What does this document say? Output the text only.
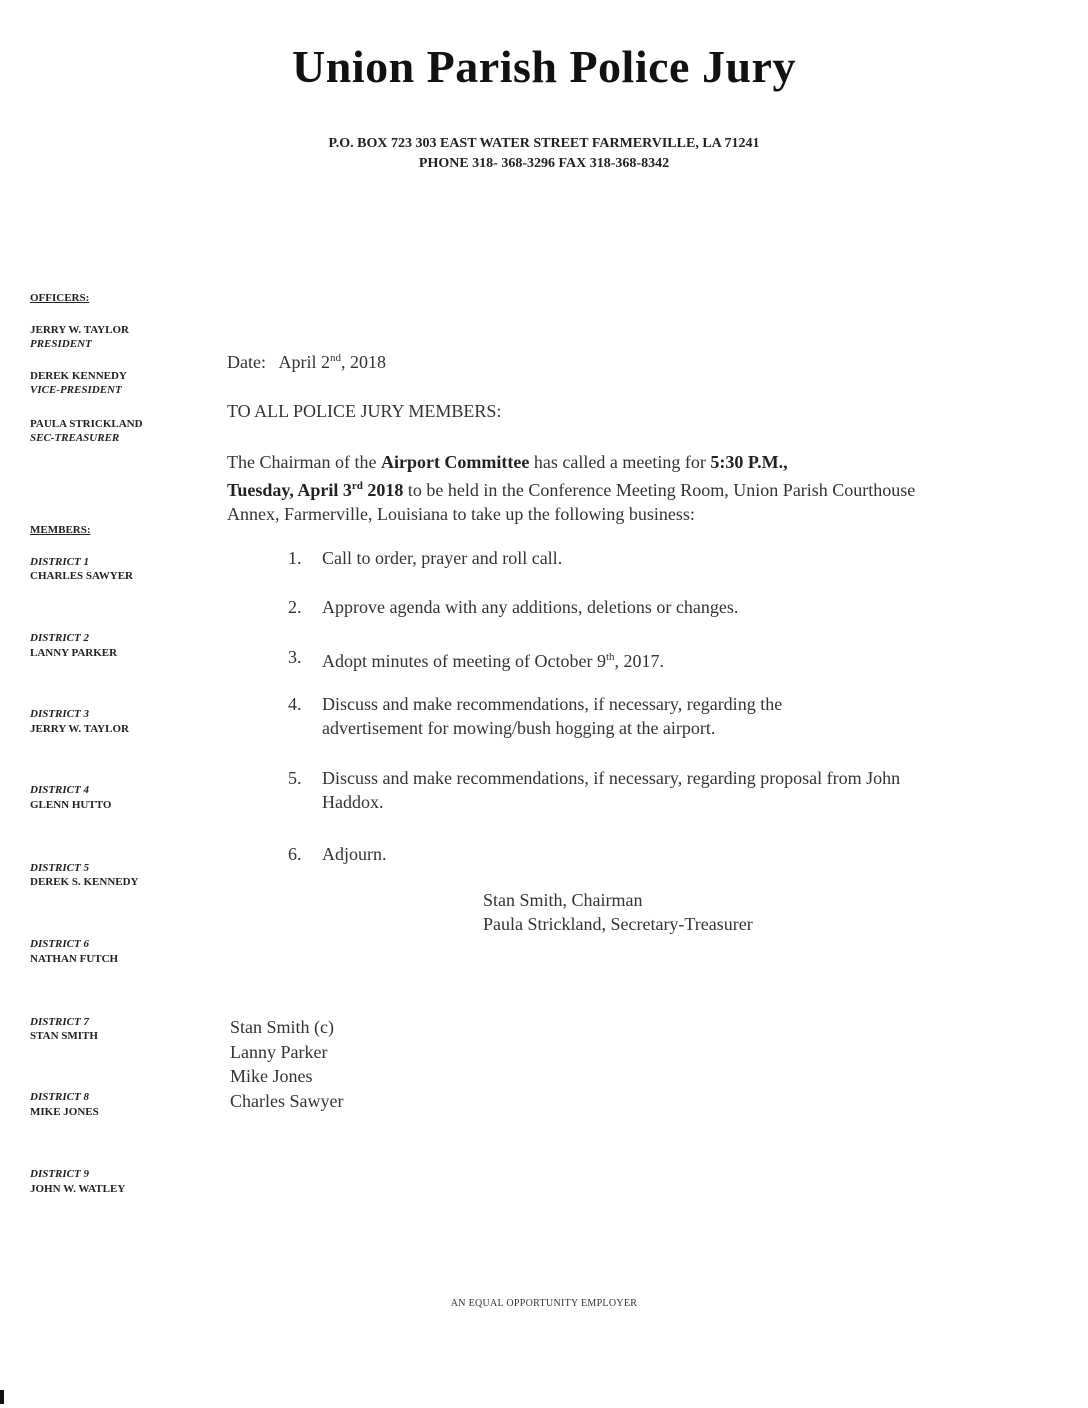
Union Parish Police Jury
P.O. BOX 723 303 EAST WATER STREET FARMERVILLE, LA 71241
PHONE 318- 368-3296 FAX 318-368-8342
OFFICERS:
JERRY W. TAYLOR
PRESIDENT
DEREK KENNEDY
VICE-PRESIDENT
PAULA STRICKLAND
SEC-TREASURER
MEMBERS:
DISTRICT 1
CHARLES SAWYER
DISTRICT 2
LANNY PARKER
DISTRICT 3
JERRY W. TAYLOR
DISTRICT 4
GLENN HUTTO
DISTRICT 5
DEREK S. KENNEDY
DISTRICT 6
NATHAN FUTCH
DISTRICT 7
STAN SMITH
DISTRICT 8
MIKE JONES
DISTRICT 9
JOHN W. WATLEY
Date: April 2nd, 2018
TO ALL POLICE JURY MEMBERS:
The Chairman of the Airport Committee has called a meeting for 5:30 P.M.,
Tuesday, April 3rd 2018 to be held in the Conference Meeting Room, Union Parish Courthouse Annex, Farmerville, Louisiana to take up the following business:
1. Call to order, prayer and roll call.
2. Approve agenda with any additions, deletions or changes.
3. Adopt minutes of meeting of October 9th, 2017.
4. Discuss and make recommendations, if necessary, regarding the advertisement for mowing/bush hogging at the airport.
5. Discuss and make recommendations, if necessary, regarding proposal from John Haddox.
6. Adjourn.
Stan Smith, Chairman
Paula Strickland, Secretary-Treasurer
Stan Smith (c)
Lanny Parker
Mike Jones
Charles Sawyer
AN EQUAL OPPORTUNITY EMPLOYER
